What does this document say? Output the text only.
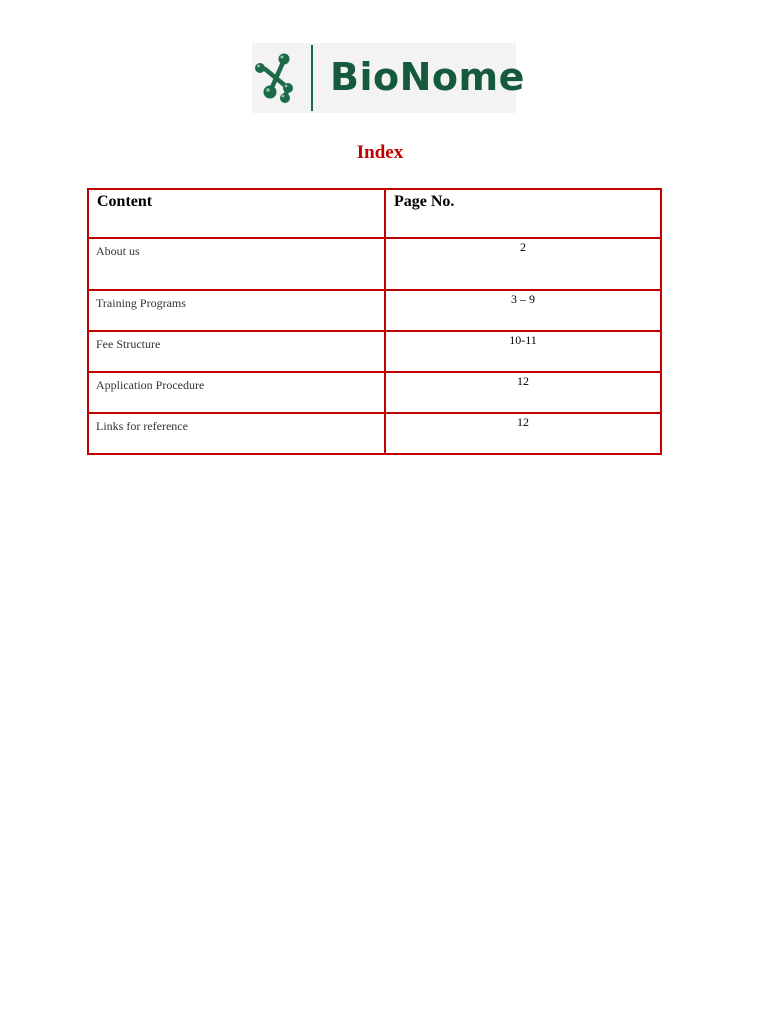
BioNome
Index
Content	Page No.
About us	2
Training Programs	3 – 9
Fee Structure	10-11
Application Procedure	12
Links for reference	12
